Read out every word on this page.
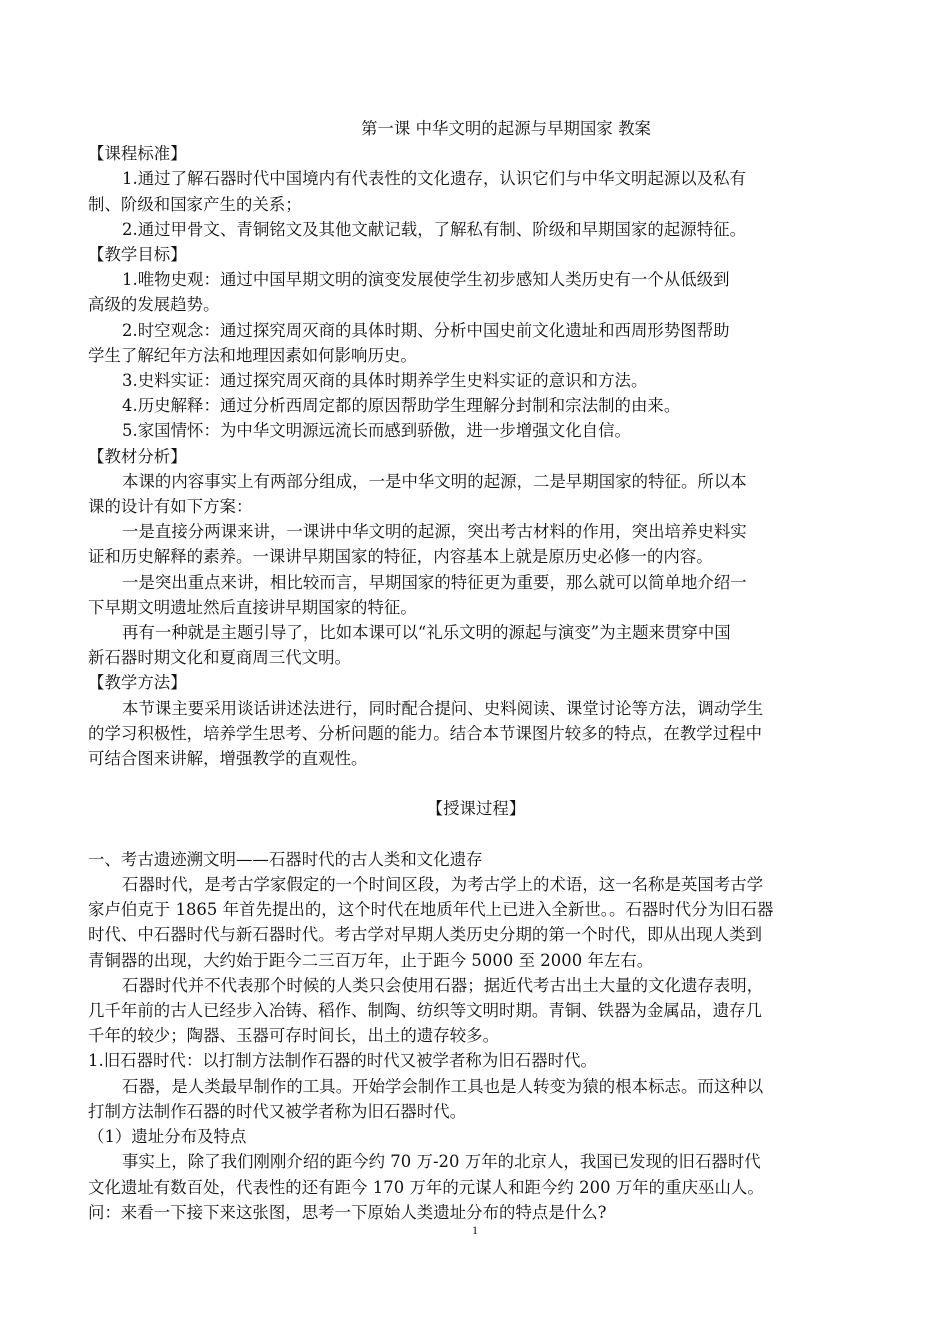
第一课 中华文明的起源与早期国家 教案
【课程标准】
1.通过了解石器时代中国境内有代表性的文化遗存，认识它们与中华文明起源以及私有
制、阶级和国家产生的关系；
2.通过甲骨文、青铜铭文及其他文献记载，了解私有制、阶级和早期国家的起源特征。
【教学目标】
1.唯物史观：通过中国早期文明的演变发展使学生初步感知人类历史有一个从低级到
高级的发展趋势。
2.时空观念：通过探究周灭商的具体时期、分析中国史前文化遗址和西周形势图帮助
学生了解纪年方法和地理因素如何影响历史。
3.史料实证：通过探究周灭商的具体时期养学生史料实证的意识和方法。
4.历史解释：通过分析西周定都的原因帮助学生理解分封制和宗法制的由来。
5.家国情怀：为中华文明源远流长而感到骄傲，进一步增强文化自信。
【教材分析】
本课的内容事实上有两部分组成，一是中华文明的起源，二是早期国家的特征。所以本
课的设计有如下方案：
一是直接分两课来讲，一课讲中华文明的起源，突出考古材料的作用，突出培养史料实
证和历史解释的素养。一课讲早期国家的特征，内容基本上就是原历史必修一的内容。
一是突出重点来讲，相比较而言，早期国家的特征更为重要，那么就可以简单地介绍一
下早期文明遗址然后直接讲早期国家的特征。
再有一种就是主题引导了，比如本课可以“礼乐文明的源起与演变”为主题来贯穿中国
新石器时期文化和夏商周三代文明。
【教学方法】
本节课主要采用谈话讲述法进行，同时配合提问、史料阅读、课堂讨论等方法，调动学生
的学习积极性，培养学生思考、分析问题的能力。结合本节课图片较多的特点，在教学过程中
可结合图来讲解，增强教学的直观性。
【授课过程】
一、考古遗迹溯文明——石器时代的古人类和文化遗存
石器时代，是考古学家假定的一个时间区段，为考古学上的术语，这一名称是英国考古学
家卢伯克于 1865 年首先提出的，这个时代在地质年代上已进入全新世。。石器时代分为旧石器
时代、中石器时代与新石器时代。考古学对早期人类历史分期的第一个时代，即从出现人类到
青铜器的出现，大约始于距今二三百万年，止于距今 5000 至 2000 年左右。
石器时代并不代表那个时候的人类只会使用石器；据近代考古出土大量的文化遗存表明，
几千年前的古人已经步入冶铸、稻作、制陶、纺织等文明时期。青铜、铁器为金属品，遗存几
千年的较少；陶器、玉器可存时间长，出土的遗存较多。
1.旧石器时代：以打制方法制作石器的时代又被学者称为旧石器时代。
石器，是人类最早制作的工具。开始学会制作工具也是人转变为猿的根本标志。而这种以
打制方法制作石器的时代又被学者称为旧石器时代。
（1）遗址分布及特点
事实上，除了我们刚刚介绍的距今约 70 万-20 万年的北京人，我国已发现的旧石器时代
文化遗址有数百处，代表性的还有距今 170 万年的元谋人和距今约 200 万年的重庆巫山人。
问：来看一下接下来这张图，思考一下原始人类遗址分布的特点是什么?
1
